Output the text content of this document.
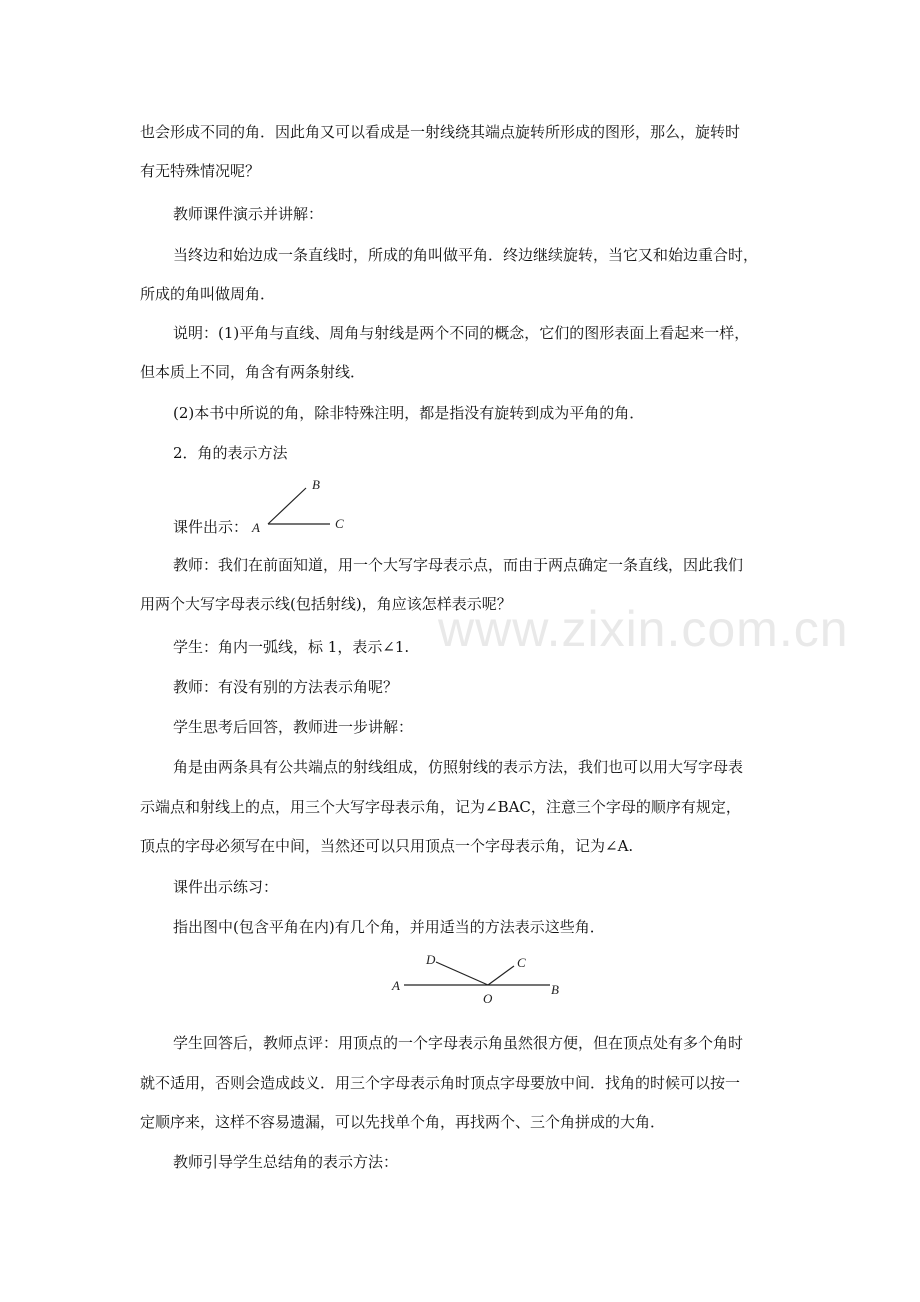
www.zixin.com.cn
也会形成不同的角．因此角又可以看成是一射线绕其端点旋转所形成的图形，那么，旋转时
有无特殊情况呢？
教师课件演示并讲解：
当终边和始边成一条直线时，所成的角叫做平角．终边继续旋转，当它又和始边重合时，
所成的角叫做周角．
说明：(1)平角与直线、周角与射线是两个不同的概念，它们的图形表面上看起来一样，
但本质上不同，角含有两条射线．
(2)本书中所说的角，除非特殊注明，都是指没有旋转到成为平角的角．
2．角的表示方法
课件出示： A
B
C
教师：我们在前面知道，用一个大写字母表示点，而由于两点确定一条直线，因此我们
用两个大写字母表示线(包括射线)，角应该怎样表示呢？
学生：角内一弧线，标 1，表示∠1.
教师：有没有别的方法表示角呢？
学生思考后回答，教师进一步讲解：
角是由两条具有公共端点的射线组成，仿照射线的表示方法，我们也可以用大写字母表
示端点和射线上的点，用三个大写字母表示角，记为∠BAC，注意三个字母的顺序有规定，
顶点的字母必须写在中间，当然还可以只用顶点一个字母表示角，记为∠A.
课件出示练习：
指出图中(包含平角在内)有几个角，并用适当的方法表示这些角．
A	B
C
D
O
学生回答后，教师点评：用顶点的一个字母表示角虽然很方便，但在顶点处有多个角时
就不适用，否则会造成歧义．用三个字母表示角时顶点字母要放中间．找角的时候可以按一
定顺序来，这样不容易遗漏，可以先找单个角，再找两个、三个角拼成的大角．
教师引导学生总结角的表示方法：
